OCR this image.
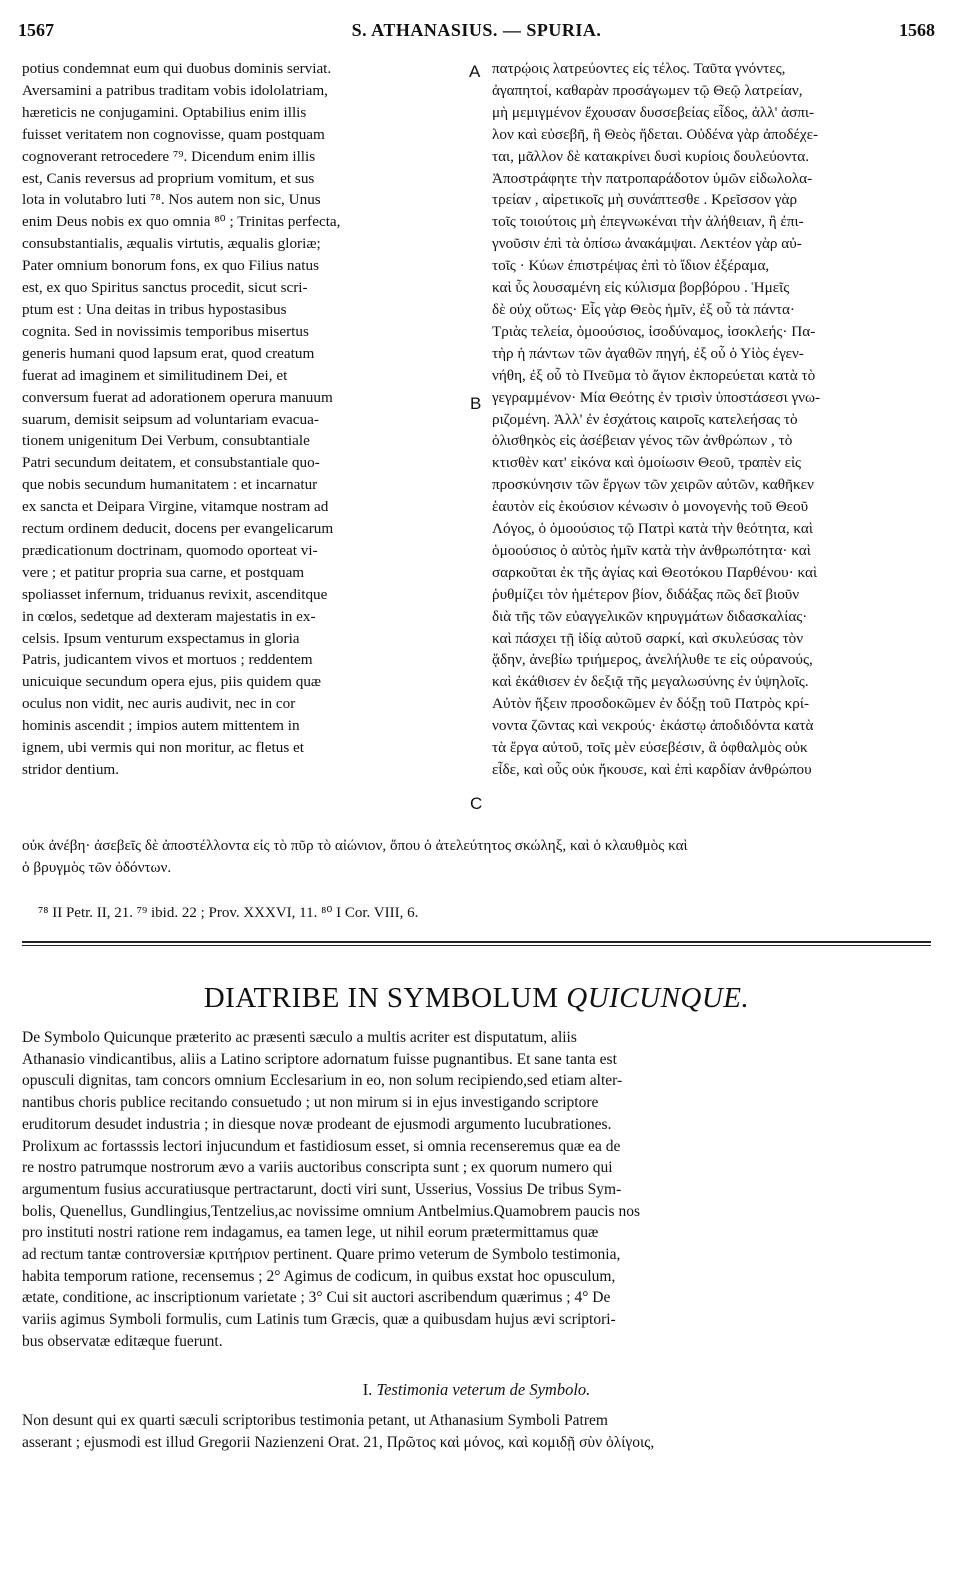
1567	S. ATHANASIUS. — SPURIA.	1568
potius condemnat eum qui duobus dominis serviat.
Aversamini a patribus traditam vobis idololatriam,
hæreticis ne conjugamini. Optabilius enim illis
fuisset veritatem non cognovisse, quam postquam
cognoverant retrocedere ⁷⁹. Dicendum enim illis
est, Canis reversus ad proprium vomitum, et sus
lota in volutabro luti ⁷⁸. Nos autem non sic, Unus
enim Deus nobis ex quo omnia ⁸⁰ ; Trinitas perfecta,
consubstantialis, æqualis virtutis, æqualis gloriæ;
Pater omnium bonorum fons, ex quo Filius natus
est, ex quo Spiritus sanctus procedit, sicut scri-
ptum est : Una deitas in tribus hypostasibus
cognita. Sed in novissimis temporibus misertus
generis humani quod lapsum erat, quod creatum
fuerat ad imaginem et similitudinem Dei, et
conversum fuerat ad adorationem operura manuum
suarum, demisit seipsum ad voluntariam evacua-
tionem unigenitum Dei Verbum, consubtantiale
Patri secundum deitatem, et consubstantiale quo-
que nobis secundum humanitatem : et incarnatur
ex sancta et Deipara Virgine, vitamque nostram ad
rectum ordinem deducit, docens per evangelicarum
prædicationum doctrinam, quomodo oporteat vi-
vere ; et patitur propria sua carne, et postquam
spoliasset infernum, triduanus revixit, ascenditque
in cœlos, sedetque ad dexteram majestatis in ex-
celsis. Ipsum venturum exspectamus in gloria
Patris, judicantem vivos et mortuos ; reddentem
unicuique secundum opera ejus, piis quidem quæ
oculus non vidit, nec auris audivit, nec in cor
hominis ascendit ; impios autem mittentem in
ignem, ubi vermis qui non moritur, ac fletus et
stridor dentium.
πατρῴοις λατρεύοντες εἰς τέλος. Ταῦτα γνόντες,
ἀγαπητοί, καθαρὰν προσάγωμεν τῷ Θεῷ λατρείαν,
μὴ μεμιγμένον ἔχουσαν δυσσεβείας εἶδος, ἀλλ' ἀσπι-
λον καὶ εὐσεβῆ, ἣ Θεὸς ἥδεται. Οὐδένα γὰρ ἀποδέχε-
ται, μᾶλλον δὲ κατακρίνει δυσὶ κυρίοις δουλεύοντα.
Ἀποστράφητε τὴν πατροπαράδοτον ὑμῶν εἰδωλολα-
τρείαν , αἱρετικοῖς μὴ συνάπτεσθε . Κρεῖσσον γὰρ
τοῖς τοιούτοις μὴ ἐπεγνωκέναι τὴν ἀλήθειαν, ἢ ἐπι-
γνοῦσιν ἐπὶ τὰ ὀπίσω ἀνακάμψαι. Λεκτέον γὰρ αὐ-
τοῖς · Κύων ἐπιστρέψας ἐπὶ τὸ ἴδιον ἐξέραμα,
καὶ ὗς λουσαμένη εἰς κύλισμα βορβόρου . Ἡμεῖς
δὲ οὐχ οὕτως· Εἷς γὰρ Θεὸς ἡμῖν, ἐξ οὗ τὰ πάντα·
Τριὰς τελεία, ὁμοούσιος, ἰσοδύναμος, ἰσοκλεής· Πα-
τὴρ ἡ πάντων τῶν ἀγαθῶν πηγή, ἐξ οὗ ὁ Υἱὸς ἐγεν-
νήθη, ἐξ οὗ τὸ Πνεῦμα τὸ ἅγιον ἐκπορεύεται κατὰ τὸ
γεγραμμένον· Μία Θεότης ἐν τρισὶν ὑποστάσεσι γνω-
ριζομένη. Ἀλλ' ἐν ἐσχάτοις καιροῖς κατελεήσας τὸ
ὀλισθηκὸς εἰς ἀσέβειαν γένος τῶν ἀνθρώπων , τὸ
κτισθὲν κατ' εἰκόνα καὶ ὁμοίωσιν Θεοῦ, τραπὲν εἰς
προσκύνησιν τῶν ἔργων τῶν χειρῶν αὐτῶν, καθῆκεν
ἑαυτὸν εἰς ἑκούσιον κένωσιν ὁ μονογενὴς τοῦ Θεοῦ
Λόγος, ὁ ὁμοούσιος τῷ Πατρὶ κατὰ τὴν θεότητα, καὶ
ὁμοούσιος ὁ αὐτὸς ἡμῖν κατὰ τὴν ἀνθρωπότητα· καὶ
σαρκοῦται ἐκ τῆς ἁγίας καὶ Θεοτόκου Παρθένου· καὶ
ῥυθμίζει τὸν ἡμέτερον βίον, διδάξας πῶς δεῖ βιοῦν
διὰ τῆς τῶν εὐαγγελικῶν κηρυγμάτων διδασκαλίας·
καὶ πάσχει τῇ ἰδίᾳ αὐτοῦ σαρκί, καὶ σκυλεύσας τὸν
ᾅδην, ἀνεβίω τριήμερος, ἀνελήλυθε τε εἰς οὐρανούς,
καὶ ἐκάθισεν ἐν δεξιᾷ τῆς μεγαλωσύνης ἐν ὑψηλοῖς.
Αὐτὸν ἥξειν προσδοκῶμεν ἐν δόξῃ τοῦ Πατρὸς κρί-
νοντα ζῶντας καὶ νεκρούς· ἑκάστῳ ἀποδιδόντα κατὰ
τὰ ἔργα αὐτοῦ, τοῖς μὲν εὐσεβέσιν, ἃ ὀφθαλμὸς οὐκ
εἶδε, καὶ οὖς οὐκ ἤκουσε, καὶ ἐπὶ καρδίαν ἀνθρώπου
A
B
C
οὐκ ἀνέβη· ἀσεβεῖς δὲ ἀποστέλλοντα εἰς τὸ πῦρ τὸ αἰώνιον, ὅπου ὁ ἀτελεύτητος σκώληξ, καὶ ὁ κλαυθμὸς καὶ
ὁ βρυγμὸς τῶν ὀδόντων.
⁷⁸ II Petr. II, 21. ⁷⁹ ibid. 22 ; Prov. XXXVI, 11. ⁸⁰ I Cor. VIII, 6.
DIATRIBE IN SYMBOLUM QUICUNQUE.
De Symbolo Quicunque præterito ac præsenti sæculo a multis acriter est disputatum, aliis
Athanasio vindicantibus, aliis a Latino scriptore adornatum fuisse pugnantibus. Et sane tanta est
opusculi dignitas, tam concors omnium Ecclesarium in eo, non solum recipiendo,sed etiam alter-
nantibus choris publice recitando consuetudo ; ut non mirum si in ejus investigando scriptore
eruditorum desudet industria ; in diesque novæ prodeant de ejusmodi argumento lucubrationes.
Prolixum ac fortasssis lectori injucundum et fastidiosum esset, si omnia recenseremus quæ ea de
re nostro patrumque nostrorum ævo a variis auctoribus conscripta sunt ; ex quorum numero qui
argumentum fusius accuratiusque pertractarunt, docti viri sunt, Usserius, Vossius De tribus Sym-
bolis, Quenellus, Gundlingius,Tentzelius,ac novissime omnium Antbelmius.Quamobrem paucis nos
pro instituti nostri ratione rem indagamus, ea tamen lege, ut nihil eorum prætermittamus quæ
ad rectum tantæ controversiæ κριτήριον pertinent. Quare primo veterum de Symbolo testimonia,
habita temporum ratione, recensemus ; 2° Agimus de codicum, in quibus exstat hoc opusculum,
ætate, conditione, ac inscriptionum varietate ; 3° Cui sit auctori ascribendum quærimus ; 4° De
variis agimus Symboli formulis, cum Latinis tum Græcis, quæ a quibusdam hujus ævi scriptori-
bus observatæ editæque fuerunt.
I. Testimonia veterum de Symbolo.
Non desunt qui ex quarti sæculi scriptoribus testimonia petant, ut Athanasium Symboli Patrem
asserant ; ejusmodi est illud Gregorii Nazienzeni Orat. 21, Πρῶτος καὶ μόνος, καὶ κομιδῇ σὺν ὀλίγοις,
